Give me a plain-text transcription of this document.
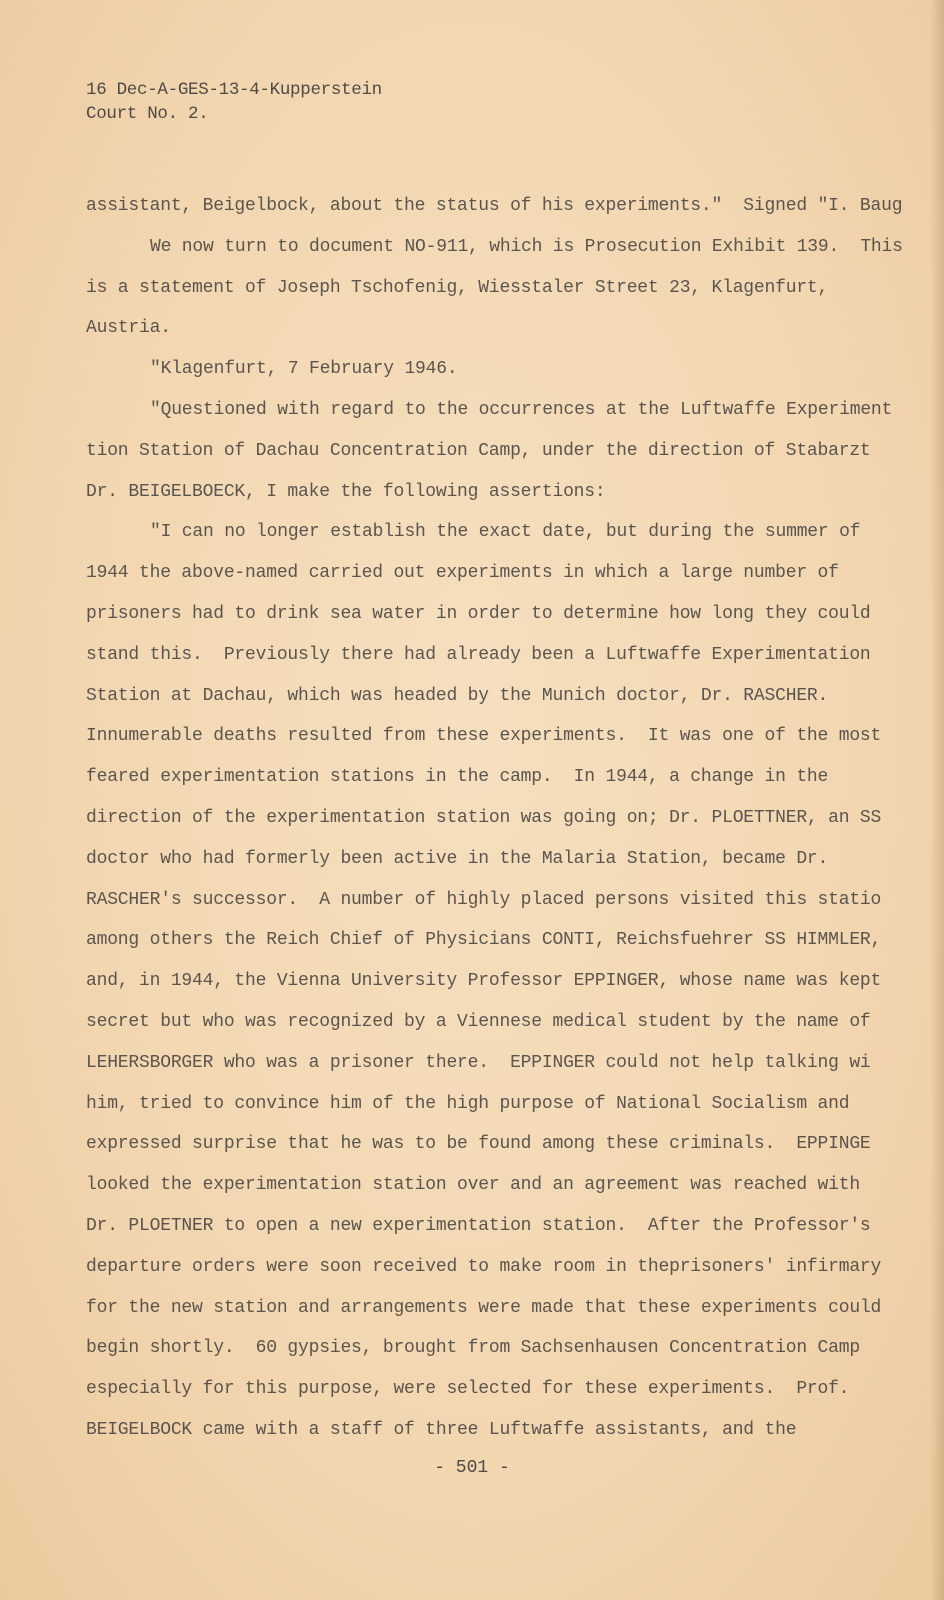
16 Dec-A-GES-13-4-Kupperstein
Court No. 2.
assistant, Beigelbock, about the status of his experiments."  Signed "I. Baug
We now turn to document NO-911, which is Prosecution Exhibit 139.  This
is a statement of Joseph Tschofenig, Wiesstaler Street 23, Klagenfurt,
Austria.
"Klagenfurt, 7 February 1946.
"Questioned with regard to the occurrences at the Luftwaffe Experiment
tion Station of Dachau Concentration Camp, under the direction of Stabarzt
Dr. BEIGELBOECK, I make the following assertions:
"I can no longer establish the exact date, but during the summer of
1944 the above-named carried out experiments in which a large number of
prisoners had to drink sea water in order to determine how long they could
stand this.  Previously there had already been a Luftwaffe Experimentation
Station at Dachau, which was headed by the Munich doctor, Dr. RASCHER.
Innumerable deaths resulted from these experiments.  It was one of the most
feared experimentation stations in the camp.  In 1944, a change in the
direction of the experimentation station was going on; Dr. PLOETTNER, an SS
doctor who had formerly been active in the Malaria Station, became Dr.
RASCHER's successor.  A number of highly placed persons visited this statio
among others the Reich Chief of Physicians CONTI, Reichsfuehrer SS HIMMLER,
and, in 1944, the Vienna University Professor EPPINGER, whose name was kept
secret but who was recognized by a Viennese medical student by the name of
LEHERSBORGER who was a prisoner there.  EPPINGER could not help talking wi
him, tried to convince him of the high purpose of National Socialism and
expressed surprise that he was to be found among these criminals.  EPPINGE
looked the experimentation station over and an agreement was reached with
Dr. PLOETNER to open a new experimentation station.  After the Professor's
departure orders were soon received to make room in theprisoners' infirmary
for the new station and arrangements were made that these experiments could
begin shortly.  60 gypsies, brought from Sachsenhausen Concentration Camp
especially for this purpose, were selected for these experiments.  Prof.
BEIGELBOCK came with a staff of three Luftwaffe assistants, and the
- 501 -
